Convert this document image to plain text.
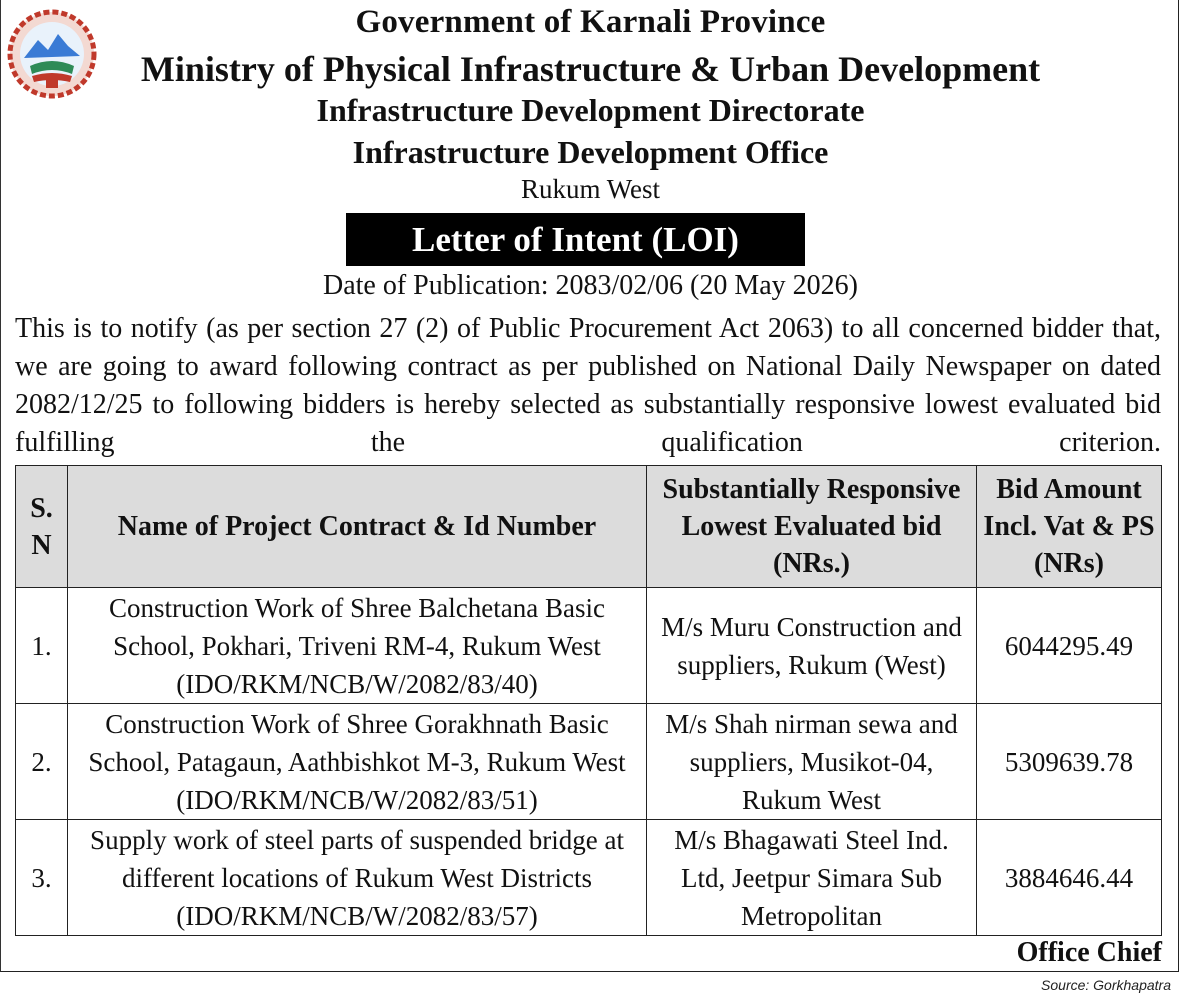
Government of Karnali Province
Ministry of Physical Infrastructure & Urban Development
Infrastructure Development Directorate
Infrastructure Development Office
Rukum West
Letter of Intent (LOI)
Date of Publication: 2083/02/06 (20 May 2026)

This is to notify (as per section 27 (2) of Public Procurement Act 2063) to all concerned bidder that, we are going to award following contract as per published on National Daily Newspaper on dated 2082/12/25 to following bidders is hereby selected as substantially responsive lowest evaluated bid fulfilling the qualification criterion.

S. N	Name of Project Contract & Id Number	Substantially Responsive Lowest Evaluated bid (NRs.)	Bid Amount Incl. Vat & PS (NRs)
1.	Construction Work of Shree Balchetana Basic School, Pokhari, Triveni RM-4, Rukum West (IDO/RKM/NCB/W/2082/83/40)	M/s Muru Construction and suppliers, Rukum (West)	6044295.49
2.	Construction Work of Shree Gorakhnath Basic School, Patagaun, Aathbishkot M-3, Rukum West (IDO/RKM/NCB/W/2082/83/51)	M/s Shah nirman sewa and suppliers, Musikot-04, Rukum West	5309639.78
3.	Supply work of steel parts of suspended bridge at different locations of Rukum West Districts (IDO/RKM/NCB/W/2082/83/57)	M/s Bhagawati Steel Ind. Ltd, Jeetpur Simara Sub Metropolitan	3884646.44
Office Chief
Source: Gorkhapatra
